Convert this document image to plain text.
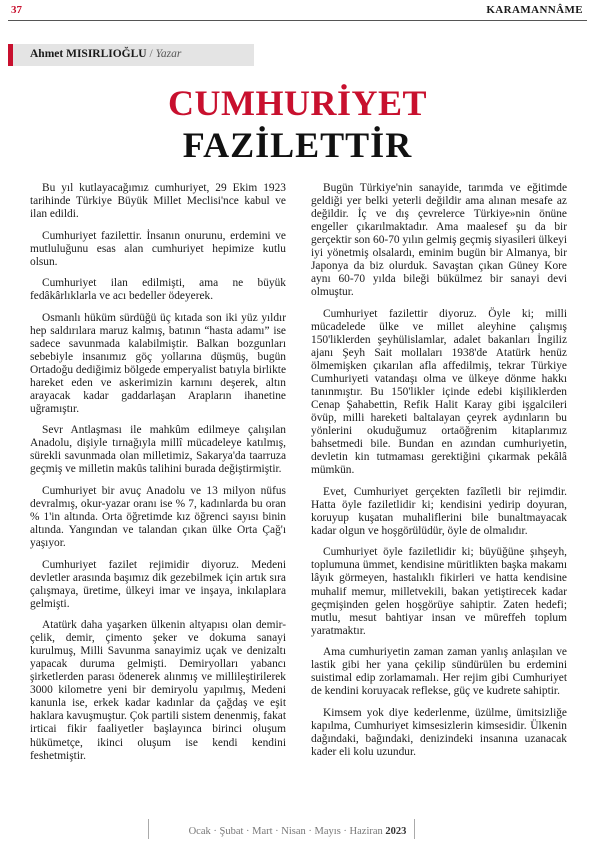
37	KARAMANNÂME
Ahmet MISIRLIOĞLU / Yazar
CUMHURİYET
FAZİLETTİR

Bu yıl kutlayacağımız cumhuriyet, 29 Ekim 1923 tarihinde Türkiye Büyük Millet Meclisi'nce kabul ve ilan edildi.

Cumhuriyet fazilettir. İnsanın onurunu, erdemini ve mutluluğunu esas alan cumhuriyet hepimize kutlu olsun.

Cumhuriyet ilan edilmişti, ama ne büyük fedâkârlıklarla ve acı bedeller ödeyerek.

Osmanlı hüküm sürdüğü üç kıtada son iki yüz yıldır hep saldırılara maruz kalmış, batının “hasta adamı” ise sadece savunmada kalabilmiştir. Balkan bozgunları sebebiyle insanımız göç yollarına düşmüş, bugün Ortadoğu dediğimiz bölgede emperyalist batıyla birlikte hareket eden ve askerimizin karnını deşerek, altın arayacak kadar gaddarlaşan Arapların ihanetine uğramıştır.

Sevr Antlaşması ile mahkûm edilmeye çalışılan Anadolu, dişiyle tırnağıyla millî mücadeleye katılmış, sürekli savunmada olan milletimiz, Sakarya'da taarruza geçmiş ve milletin makûs talihini burada değiştirmiştir.

Cumhuriyet bir avuç Anadolu ve 13 milyon nüfus devralmış, okur-yazar oranı ise % 7, kadınlarda bu oran % 1'in altında. Orta öğretimde kız öğrenci sayısı binin altında. Yangından ve talandan çıkan ülke Orta Çağ'ı yaşıyor.

Cumhuriyet fazilet rejimidir diyoruz. Medeni devletler arasında başımız dik gezebilmek için artık sıra çalışmaya, üretime, ülkeyi imar ve inşaya, inkılaplara gelmişti.

Atatürk daha yaşarken ülkenin altyapısı olan demir-çelik, demir, çimento şeker ve dokuma sanayi kurulmuş, Milli Savunma sanayimiz uçak ve denizaltı yapacak duruma gelmişti. Demiryolları yabancı şirketlerden parası ödenerek alınmış ve millileştirilerek 3000 kilometre yeni bir demiryolu yapılmış, Medeni kanunla ise, erkek kadar kadınlar da çağdaş ve eşit haklara kavuşmuştur. Çok partili sistem denenmiş, fakat irticai fikir faaliyetler başlayınca birinci oluşum hükümetçe, ikinci oluşum ise kendi kendini feshetmiştir.

Bugün Türkiye'nin sanayide, tarımda ve eğitimde geldiği yer belki yeterli değildir ama alınan mesafe az değildir. İç ve dış çevrelerce Türkiye»nin önüne engeller çıkarılmaktadır. Ama maalesef şu da bir gerçektir son 60-70 yılın gelmiş geçmiş siyasileri ülkeyi iyi yönetmiş olsalardı, eminim bugün bir Almanya, bir Japonya da biz olurduk. Savaştan çıkan Güney Kore aynı 60-70 yılda bileği bükülmez bir sanayi devi olmuştur.

Cumhuriyet fazilettir diyoruz. Öyle ki; milli mücadelede ülke ve millet aleyhine çalışmış 150'liklerden şeyhülislamlar, adalet bakanları İngiliz ajanı Şeyh Sait mollaları 1938'de Atatürk henüz ölmemişken çıkarılan afla affedilmiş, tekrar Türkiye Cumhuriyeti vatandaşı olma ve ülkeye dönme hakkı tanınmıştır. Bu 150'likler içinde edebi kişiliklerden Cenap Şahabettin, Refik Halit Karay gibi işgalcileri övüp, milli hareketi baltalayan çeyrek aydınların bu yönlerini okuduğumuz ortaöğrenim kitaplarımız bahsetmedi bile. Bundan en azından cumhuriyetin, devletin kin tutmaması gerektiğini çıkarmak pekâlâ mümkün.

Evet, Cumhuriyet gerçekten fazîletli bir rejimdir. Hatta öyle faziletlidir ki; kendisini yedirip doyuran, koruyup kuşatan muhaliflerini bile bunaltmayacak kadar olgun ve hoşgörülüdür, öyle de olmalıdır.

Cumhuriyet öyle faziletlidir ki; büyüğüne şıhşeyh, toplumuna ümmet, kendisine müritlikten başka makamı lâyık görmeyen, hastalıklı fikirleri ve hatta kendisine muhalif memur, milletvekili, bakan yetiştirecek kadar geçmişinden gelen hoşgörüye sahiptir. Zaten hedefi; mutlu, mesut bahtiyar insan ve müreffeh toplum yaratmaktır.

Ama cumhuriyetin zaman zaman yanlış anlaşılan ve lastik gibi her yana çekilip sündürülen bu erdemini suistimal edip zorlamamalı. Her rejim gibi Cumhuriyet de kendini koruyacak reflekse, güç ve kudrete sahiptir.

Kimsem yok diye kederlenme, üzülme, ümitsizliğe kapılma, Cumhuriyet kimsesizlerin kimsesidir. Ülkenin dağındaki, bağındaki, denizindeki insanına uzanacak kader eli kolu uzundur.

Ocak · Şubat · Mart · Nisan · Mayıs · Haziran 2023
